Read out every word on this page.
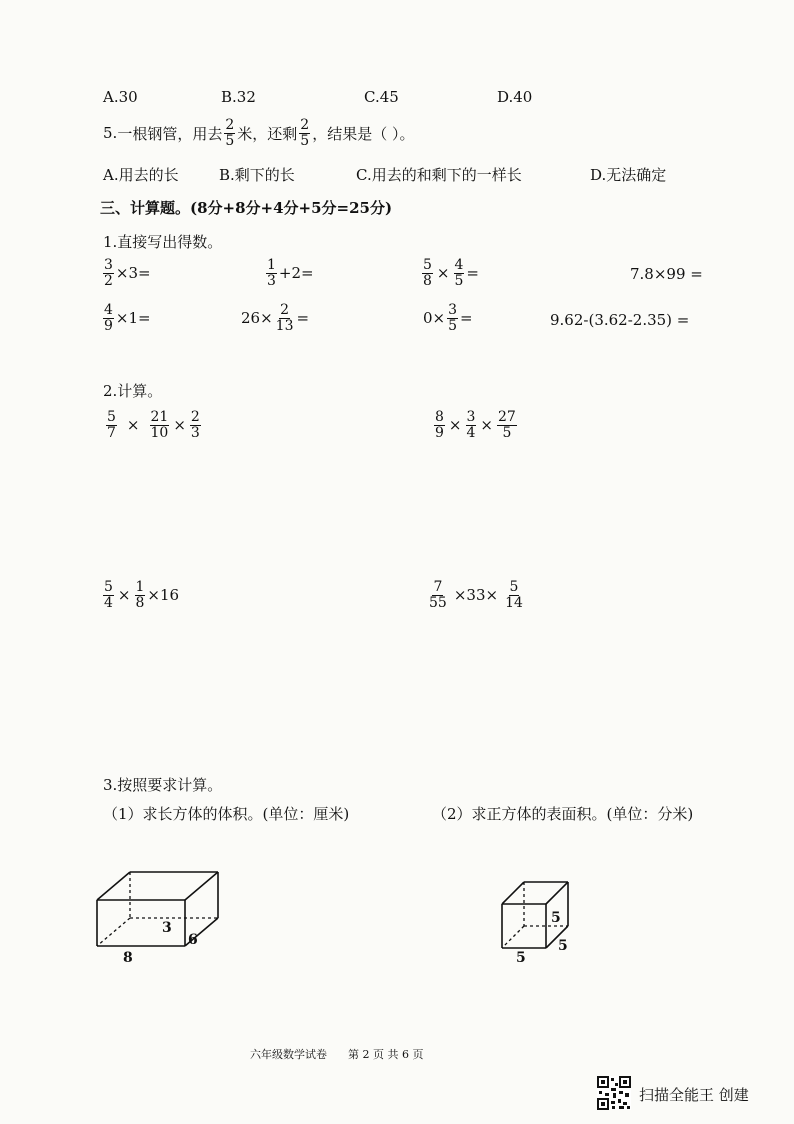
A.30	B.32	C.45	D.40
5. 一根钢管，用去 $\frac{2}{5}$ 米，还剩 $\frac{2}{5}$ ，结果是（ ）。
A.用去的长	B.剩下的长	C.用去的和剩下的一样长	D.无法确定
三、计算题。(8分+8分+4分+5分=25分)
1.直接写出得数。
$\frac{3}{2} \times 3=$	$\frac{1}{3} +2=$	$\frac{5}{8} \times \frac{4}{5}$ =	7.8×99 =
$\frac{4}{9} \times 1=$	$26\times \frac{2}{13}$ =	$0\times \frac{3}{5}$ =	9.62-(3.62-2.35) =
2.计算。
$\frac{5}{7} \times \frac{21}{10} \times \frac{2}{3}$	$\frac{8}{9} \times \frac{3}{4} \times \frac{27}{5}$
$\frac{5}{4} \times \frac{1}{8} \times 16$	$\frac{7}{55} \times 33\times \frac{5}{14}$
3.按照要求计算。
（1）求长方体的体积。(单位：厘米)	（2）求正方体的表面积。(单位：分米)
8
6
3
5
5
5
六年级数学试卷 第 2 页 共 6 页
扫描全能王 创建
